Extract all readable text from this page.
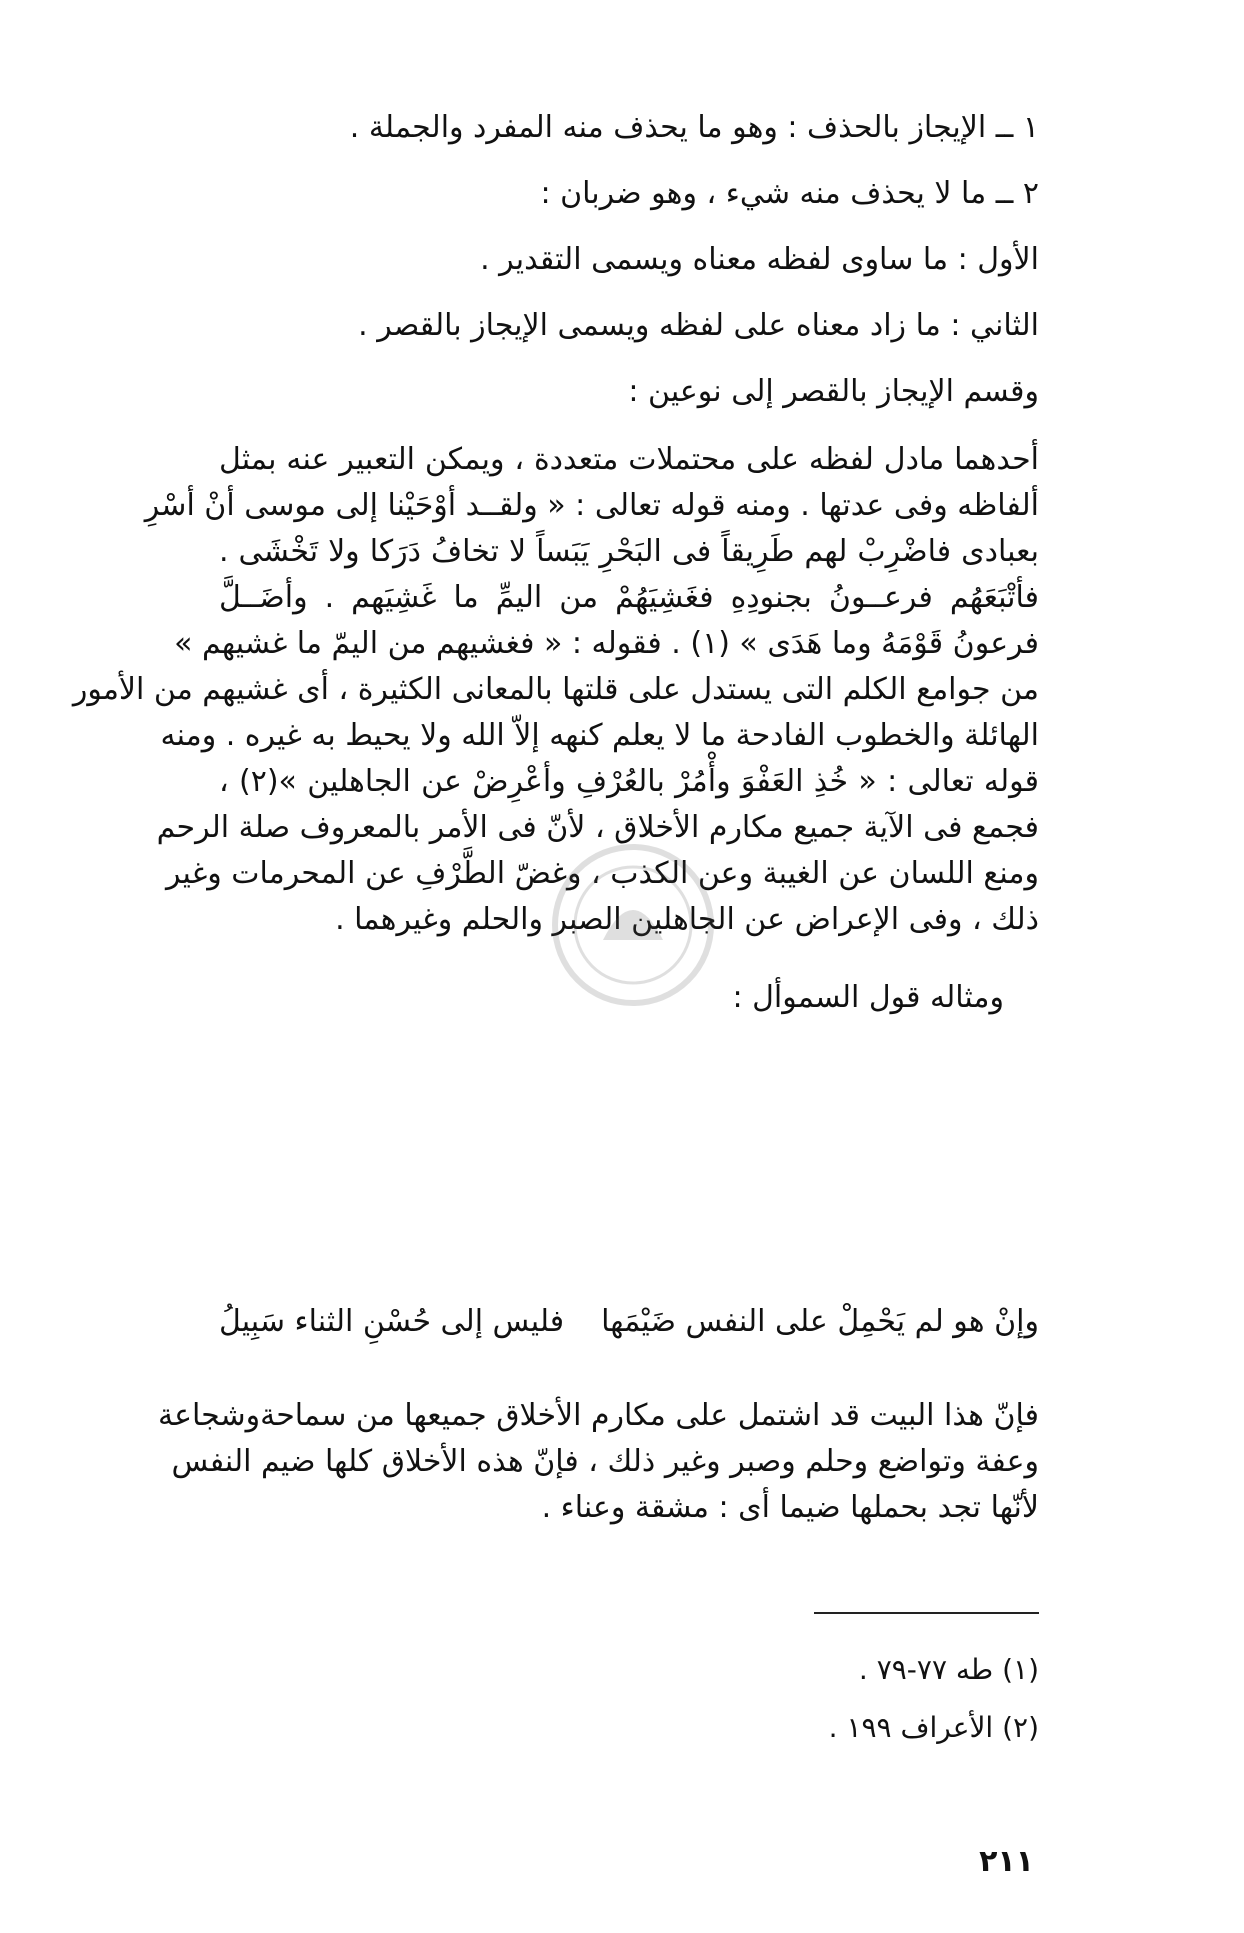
١ ــ الإيجاز بالحذف : وهو ما يحذف منه المفرد والجملة .
٢ ــ ما لا يحذف منه شيء ، وهو ضربان :
الأول : ما ساوى لفظه معناه ويسمى التقدير .
الثاني : ما زاد معناه على لفظه ويسمى الإيجاز بالقصر .
وقسم الإيجاز بالقصر إلى نوعين :
أحدهما مادل لفظه على محتملات متعددة ، ويمكن التعبير عنه بمثل
ألفاظه وفى عدتها . ومنه قوله تعالى : « ولقــد أوْحَيْنا إلى موسى أنْ أسْرِ
بعبادى فاضْرِبْ لهم طَرِيقاً فى البَحْرِ يَبَساً لا تخافُ دَرَكا ولا تَخْشَى .
فأتْبَعَهُم فرعــونُ بجنودِهِ فغَشِيَهُمْ من اليمِّ ما غَشِيَهم . وأضَــلَّ
فرعونُ قَوْمَهُ وما هَدَى » (١) . فقوله : « فغشيهم من اليمّ ما غشيهم »
من جوامع الكلم التى يستدل على قلتها بالمعانى الكثيرة ، أى غشيهم من الأمور
الهائلة والخطوب الفادحة ما لا يعلم كنهه إلاّ الله ولا يحيط به غيره . ومنه
قوله تعالى : « خُذِ العَفْوَ وأْمُرْ بالعُرْفِ وأعْرِضْ عن الجاهلين »(٢) ،
فجمع فى الآية جميع مكارم الأخلاق ، لأنّ فى الأمر بالمعروف صلة الرحم
ومنع اللسان عن الغيبة وعن الكذب ، وغضّ الطَّرْفِ عن المحرمات وغير
ذلك ، وفى الإعراض عن الجاهلين الصبر والحلم وغيرهما .
ومثاله قول السموأل :
وإنْ هو لم يَحْمِلْ على النفس ضَيْمَها
فليس إلى حُسْنِ الثناء سَبِيلُ
فإنّ هذا البيت قد اشتمل على مكارم الأخلاق جميعها من سماحةوشجاعة
وعفة وتواضع وحلم وصبر وغير ذلك ، فإنّ هذه الأخلاق كلها ضيم النفس
لأنّها تجد بحملها ضيما أى : مشقة وعناء .
(١) طه ٧٧-٧٩ .
(٢) الأعراف ١٩٩ .
٢١١
